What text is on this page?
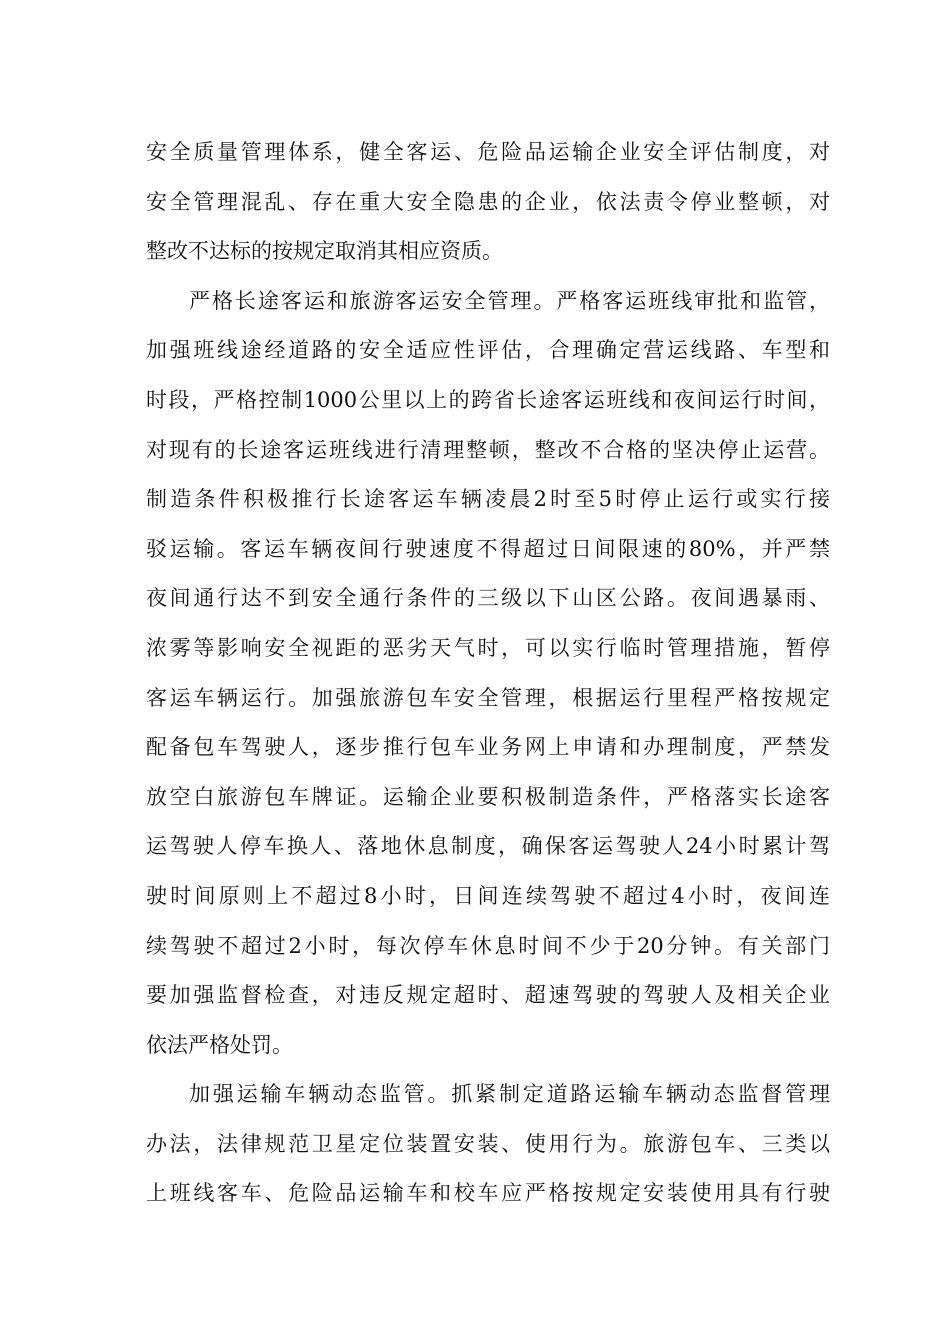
安全质量管理体系，健全客运、危险品运输企业安全评估制度，对
安全管理混乱、存在重大安全隐患的企业，依法责令停业整顿，对
整改不达标的按规定取消其相应资质。
严格长途客运和旅游客运安全管理。严格客运班线审批和监管，
加强班线途经道路的安全适应性评估，合理确定营运线路、车型和
时段，严格控制1000公里以上的跨省长途客运班线和夜间运行时间，
对现有的长途客运班线进行清理整顿，整改不合格的坚决停止运营。
制造条件积极推行长途客运车辆凌晨2时至5时停止运行或实行接
驳运输。客运车辆夜间行驶速度不得超过日间限速的80%，并严禁
夜间通行达不到安全通行条件的三级以下山区公路。夜间遇暴雨、
浓雾等影响安全视距的恶劣天气时，可以实行临时管理措施，暂停
客运车辆运行。加强旅游包车安全管理，根据运行里程严格按规定
配备包车驾驶人，逐步推行包车业务网上申请和办理制度，严禁发
放空白旅游包车牌证。运输企业要积极制造条件，严格落实长途客
运驾驶人停车换人、落地休息制度，确保客运驾驶人24小时累计驾
驶时间原则上不超过8小时，日间连续驾驶不超过4小时，夜间连
续驾驶不超过2小时，每次停车休息时间不少于20分钟。有关部门
要加强监督检查，对违反规定超时、超速驾驶的驾驶人及相关企业
依法严格处罚。
加强运输车辆动态监管。抓紧制定道路运输车辆动态监督管理
办法，法律规范卫星定位装置安装、使用行为。旅游包车、三类以
上班线客车、危险品运输车和校车应严格按规定安装使用具有行驶
